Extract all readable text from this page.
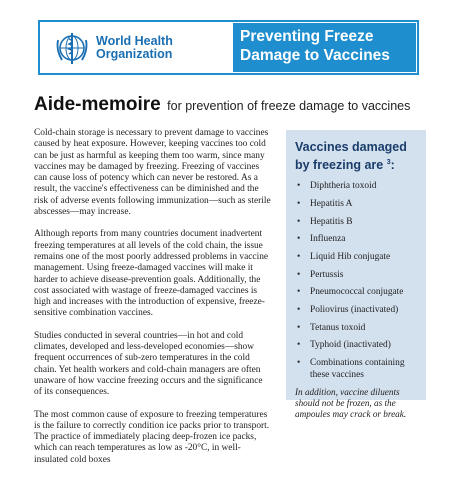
World Health
Organization
Preventing Freeze
Damage to Vaccines
Aide-memoire for prevention of freeze damage to vaccines

Cold-chain storage is necessary to prevent damage to vaccines caused by heat exposure. However, keeping vaccines too cold can be just as harmful as keeping them too warm, since many vaccines may be damaged by freezing. Freezing of vaccines can cause loss of potency which can never be restored. As a result, the vaccine's effectiveness can be diminished and the risk of adverse events following immunization—such as sterile abscesses—may increase.

Although reports from many countries document inadvertent freezing temperatures at all levels of the cold chain, the issue remains one of the most poorly addressed problems in vaccine management. Using freeze-damaged vaccines will make it harder to achieve disease-prevention goals. Additionally, the cost associated with wastage of freeze-damaged vaccines is high and increases with the introduction of expensive, freeze-sensitive combination vaccines.

Studies conducted in several countries—in hot and cold climates, developed and less-developed economies—show frequent occurrences of sub-zero temperatures in the cold chain. Yet health workers and cold-chain managers are often unaware of how vaccine freezing occurs and the significance of its consequences.

The most common cause of exposure to freezing temperatures is the failure to correctly condition ice packs prior to transport. The practice of immediately placing deep-frozen ice packs, which can reach temperatures as low as -20°C, in well-insulated cold boxes

Vaccines damaged by freezing are $^3$:
• Diphtheria toxoid
• Hepatitis A
• Hepatitis B
• Influenza
• Liquid Hib conjugate
• Pertussis
• Pneumococcal conjugate
• Poliovirus (inactivated)
• Tetanus toxoid
• Typhoid (inactivated)
• Combinations containing these vaccines

In addition, vaccine diluents should not be frozen, as the ampoules may crack or break.
